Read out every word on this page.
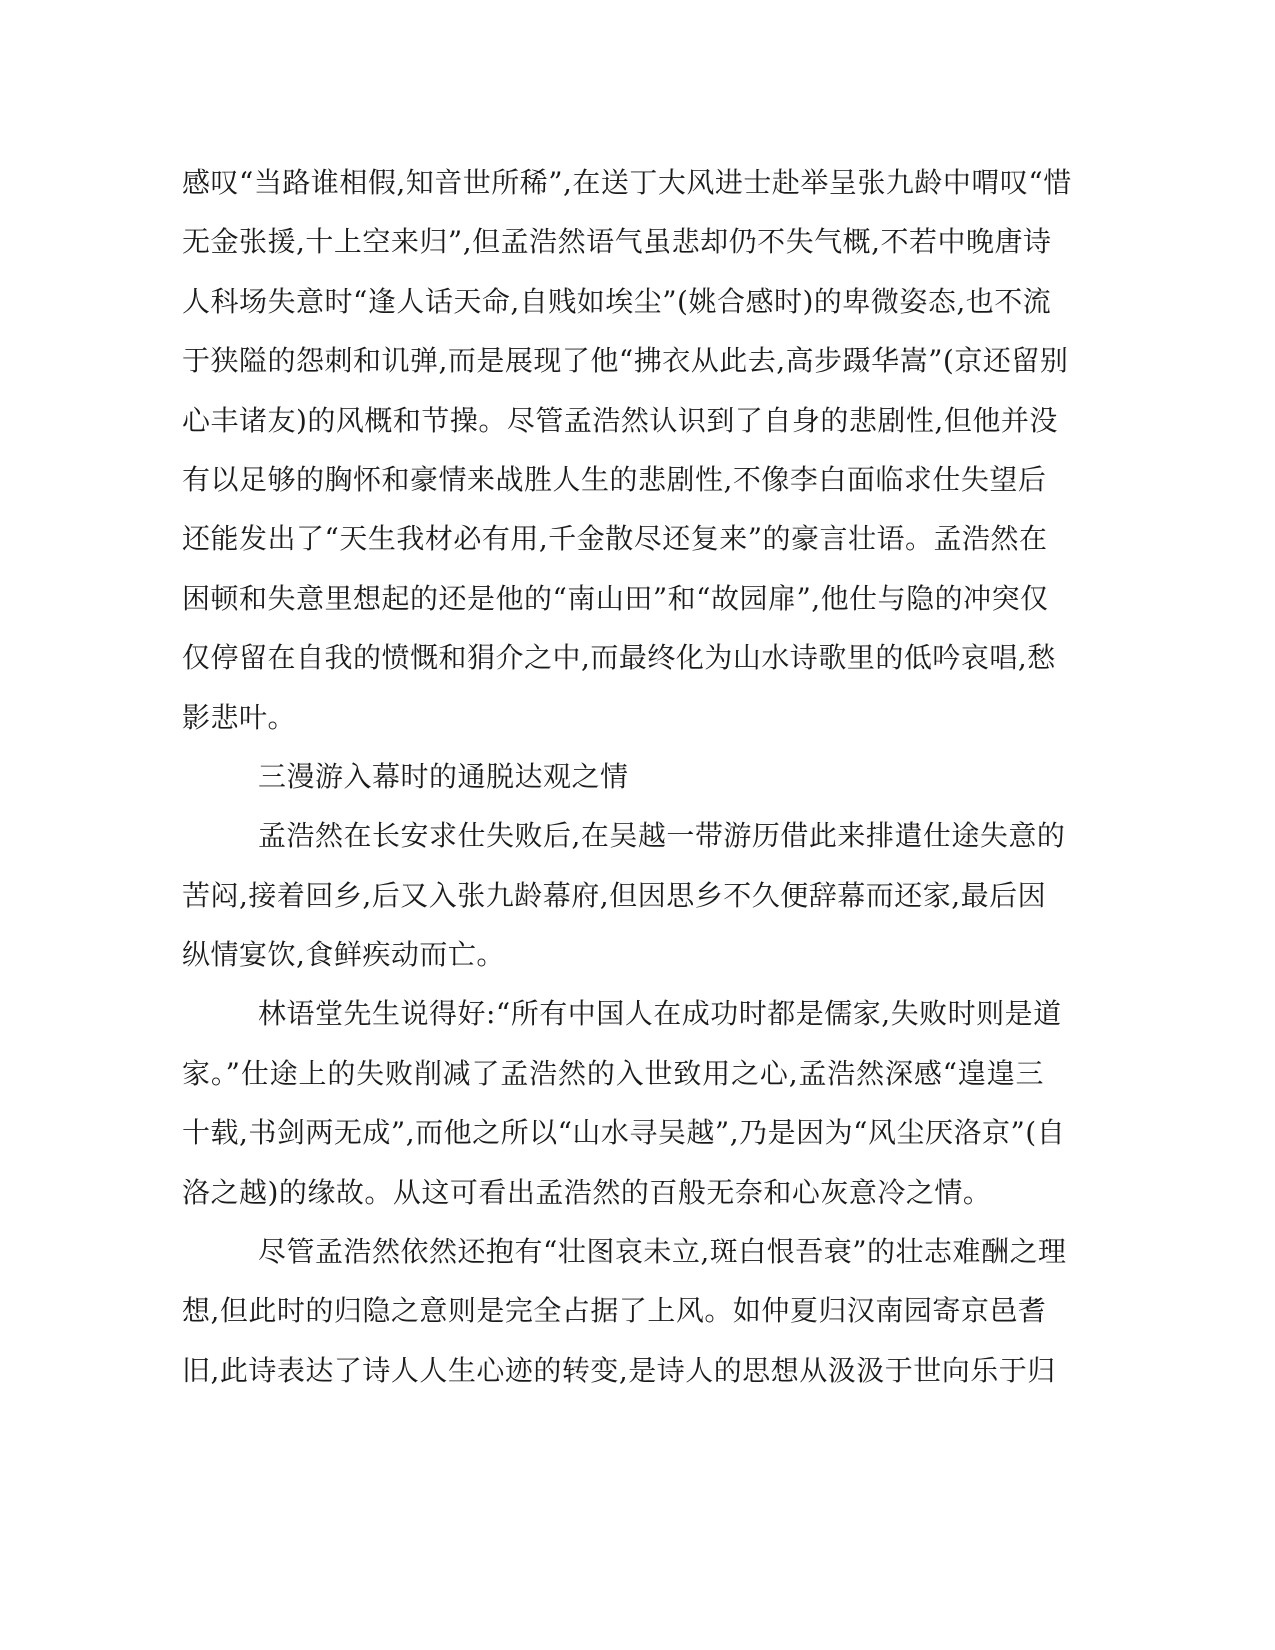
感叹“当路谁相假,知音世所稀”,在送丁大风进士赴举呈张九龄中喟叹“惜
无金张援,十上空来归”,但孟浩然语气虽悲却仍不失气概,不若中晚唐诗
人科场失意时“逢人话天命,自贱如埃尘”(姚合感时)的卑微姿态,也不流
于狭隘的怨刺和讥弹,而是展现了他“拂衣从此去,高步蹑华嵩”(京还留别
心丰诸友)的风概和节操。尽管孟浩然认识到了自身的悲剧性,但他并没
有以足够的胸怀和豪情来战胜人生的悲剧性,不像李白面临求仕失望后
还能发出了“天生我材必有用,千金散尽还复来”的豪言壮语。孟浩然在
困顿和失意里想起的还是他的“南山田”和“故园扉”,他仕与隐的冲突仅
仅停留在自我的愤慨和狷介之中,而最终化为山水诗歌里的低吟哀唱,愁
影悲叶。
三漫游入幕时的通脱达观之情
孟浩然在长安求仕失败后,在吴越一带游历借此来排遣仕途失意的
苦闷,接着回乡,后又入张九龄幕府,但因思乡不久便辞幕而还家,最后因
纵情宴饮,食鲜疾动而亡。
林语堂先生说得好:“所有中国人在成功时都是儒家,失败时则是道
家。”仕途上的失败削减了孟浩然的入世致用之心,孟浩然深感“遑遑三
十载,书剑两无成”,而他之所以“山水寻吴越”,乃是因为“风尘厌洛京”(自
洛之越)的缘故。从这可看出孟浩然的百般无奈和心灰意冷之情。
尽管孟浩然依然还抱有“壮图哀未立,斑白恨吾衰”的壮志难酬之理
想,但此时的归隐之意则是完全占据了上风。如仲夏归汉南园寄京邑耆
旧,此诗表达了诗人人生心迹的转变,是诗人的思想从汲汲于世向乐于归
